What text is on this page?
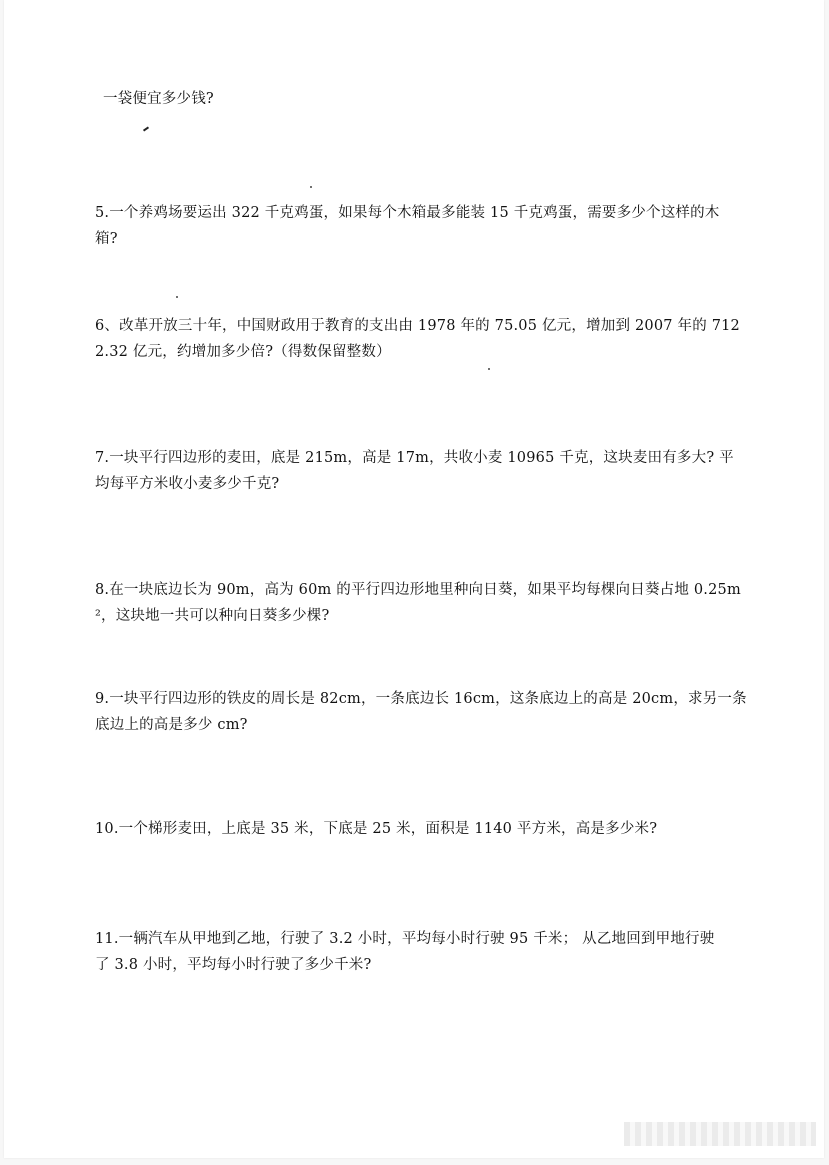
一袋便宜多少钱?
5.一个养鸡场要运出 322 千克鸡蛋，如果每个木箱最多能装 15 千克鸡蛋，需要多少个这样的木
箱?
6、改革开放三十年，中国财政用于教育的支出由 1978 年的 75.05 亿元，增加到 2007 年的 712
2.32 亿元，约增加多少倍?（得数保留整数）
7.一块平行四边形的麦田，底是 215m，高是 17m，共收小麦 10965 千克，这块麦田有多大? 平
均每平方米收小麦多少千克?
8.在一块底边长为 90m，高为 60m 的平行四边形地里种向日葵，如果平均每棵向日葵占地 0.25m
²，这块地一共可以种向日葵多少棵?
9.一块平行四边形的铁皮的周长是 82cm，一条底边长 16cm，这条底边上的高是 20cm，求另一条
底边上的高是多少 cm?
10.一个梯形麦田，上底是 35 米，下底是 25 米，面积是 1140 平方米，高是多少米?
11.一辆汽车从甲地到乙地，行驶了 3.2 小时，平均每小时行驶 95 千米； 从乙地回到甲地行驶
了 3.8 小时，平均每小时行驶了多少千米?
